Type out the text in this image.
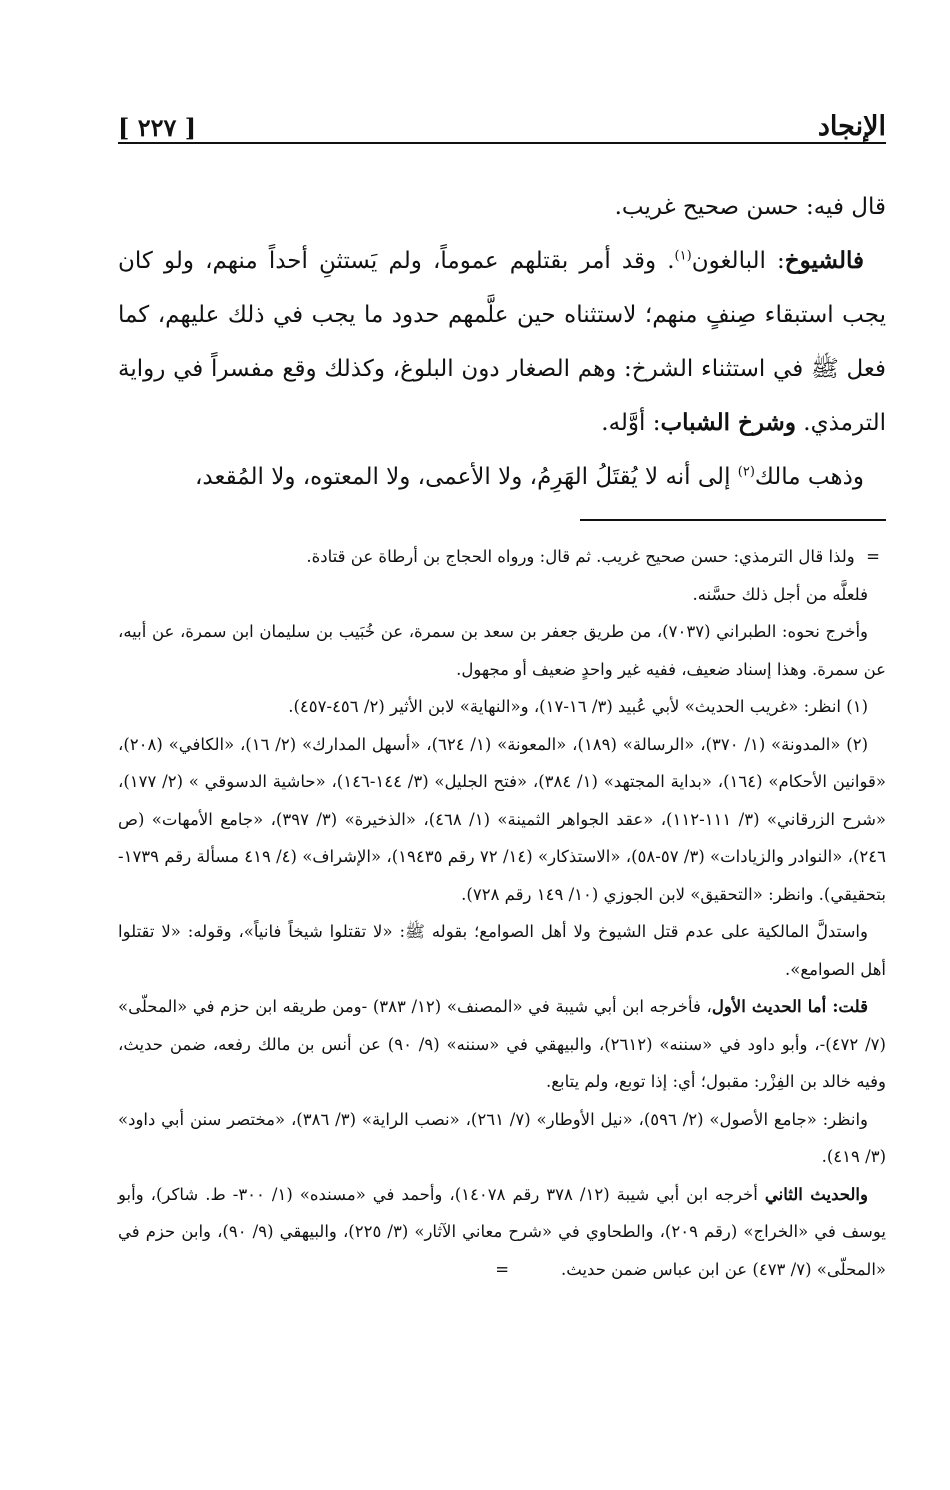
الإنجاد
[ ٢٢٧ ]

قال فيه: حسن صحيح غريب.

فالشيوخ: البالغون$^{(١)}$. وقد أمر بقتلهم عموماً، ولم يَستثنِ أحداً منهم، ولو كان يجب استبقاء صِنفٍ منهم؛ لاستثناه حين علَّمهم حدود ما يجب في ذلك عليهم، كما فعل ﷺ في استثناء الشرخ: وهم الصغار دون البلوغ، وكذلك وقع مفسراً في رواية الترمذي. وشرخ الشباب: أوَّله.

وذهب مالك$^{(٢)}$ إلى أنه لا يُقتَلُ الهَرِمُ، ولا الأعمى، ولا المعتوه، ولا المُقعد،

= ولذا قال الترمذي: حسن صحيح غريب. ثم قال: ورواه الحجاج بن أرطاة عن قتادة.

فلعلَّه من أجل ذلك حسَّنه.

وأخرج نحوه: الطبراني (٧٠٣٧)، من طريق جعفر بن سعد بن سمرة، عن خُبَيب بن سليمان ابن سمرة، عن أبيه، عن سمرة. وهذا إسناد ضعيف، ففيه غير واحدٍ ضعيف أو مجهول.

(١) انظر: «غريب الحديث» لأبي عُبيد (٣/ ١٦-١٧)، و«النهاية» لابن الأثير (٢/ ٤٥٦-٤٥٧).

(٢) «المدونة» (١/ ٣٧٠)، «الرسالة» (١٨٩)، «المعونة» (١/ ٦٢٤)، «أسهل المدارك» (٢/ ١٦)، «الكافي» (٢٠٨)، «قوانين الأحكام» (١٦٤)، «بداية المجتهد» (١/ ٣٨٤)، «فتح الجليل» (٣/ ١٤٤-١٤٦)، «حاشية الدسوقي » (٢/ ١٧٧)، «شرح الزرقاني» (٣/ ١١١-١١٢)، «عقد الجواهر الثمينة» (١/ ٤٦٨)، «الذخيرة» (٣/ ٣٩٧)، «جامع الأمهات» (ص ٢٤٦)، «النوادر والزيادات» (٣/ ٥٧-٥٨)، «الاستذكار» (١٤/ ٧٢ رقم ١٩٤٣٥)، «الإشراف» (٤/ ٤١٩ مسألة رقم ١٧٣٩- بتحقيقي). وانظر: «التحقيق» لابن الجوزي (١٠/ ١٤٩ رقم ٧٢٨).

واستدلَّ المالكية على عدم قتل الشيوخ ولا أهل الصوامع؛ بقوله ﷺ: «لا تقتلوا شيخاً فانياً»، وقوله: «لا تقتلوا أهل الصوامع».

قلت: أما الحديث الأول، فأخرجه ابن أبي شيبة في «المصنف» (١٢/ ٣٨٣) -ومن طريقه ابن حزم في «المحلّى» (٧/ ٤٧٢)-، وأبو داود في «سننه» (٢٦١٢)، والبيهقي في «سننه» (٩/ ٩٠) عن أنس بن مالك رفعه، ضمن حديث، وفيه خالد بن الفِزْر: مقبول؛ أي: إذا توبع، ولم يتابع.

وانظر: «جامع الأصول» (٢/ ٥٩٦)، «نيل الأوطار» (٧/ ٢٦١)، «نصب الراية» (٣/ ٣٨٦)، «مختصر سنن أبي داود» (٣/ ٤١٩).

والحديث الثاني أخرجه ابن أبي شيبة (١٢/ ٣٧٨ رقم ١٤٠٧٨)، وأحمد في «مسنده» (١/ ٣٠٠- ط. شاكر)، وأبو يوسف في «الخراج» (رقم ٢٠٩)، والطحاوي في «شرح معاني الآثار» (٣/ ٢٢٥)، والبيهقي (٩/ ٩٠)، وابن حزم في «المحلّى» (٧/ ٤٧٣) عن ابن عباس ضمن حديث.=
